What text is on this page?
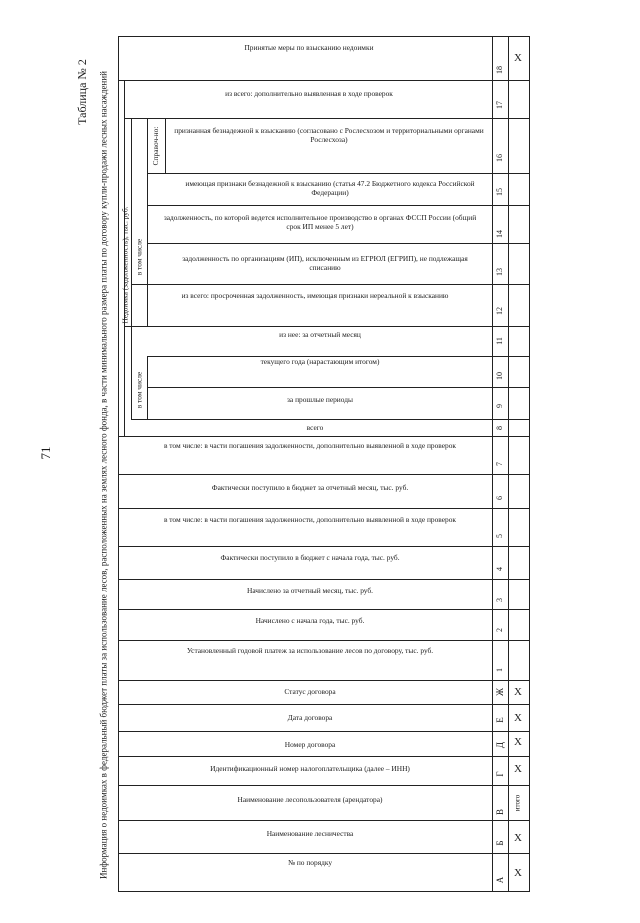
71
Таблица № 2 Информация о недоимках в федеральный бюджет платы за использование лесов, расположенных на землях лесного фонда, в части минимального размера платы по договору купли-продажи лесных насаждений Недоимка (задолженность), тыс. руб. в том числе
в том числе
Справоч-но:
Принятые меры по взысканию недоимки
из всего: дополнительно выявленная в ходе проверок
признанная безнадежной к взысканию (согласовано с Рослесхозом и территориальными органами Рослесхоза)
имеющая признаки безнадежной к взысканию (статья 47.2 Бюджетного кодекса Российской Федерации)
задолженность, по которой ведется исполнительное производство в органах ФССП России (общий срок ИП менее 5 лет)
задолженность по организациям (ИП), исключенным из ЕГРЮЛ (ЕГРИП), не подлежащая списанию
из всего: просроченная задолженность, имеющая признаки нереальной к взысканию
из нее: за отчетный месяц
текущего года (нарастающим итогом)
за прошлые периоды
всего
в том числе: в части погашения задолженности, дополнительно выявленной в ходе проверок
Фактически поступило в бюджет за отчетный месяц, тыс. руб.
в том числе: в части погашения задолженности, дополнительно выявленной в ходе проверок
Фактически поступило в бюджет с начала года, тыс. руб.
Начислено за отчетный месяц, тыс. руб.
Начислено с начала года, тыс. руб.
Установленный годовой платеж за использование лесов по договору, тыс. руб.
Статус договора
Дата договора
Номер договора
Идентификационный номер налогоплательщика (далее – ИНН)
Наименование лесопользователя (арендатора)
Наименование лесничества
№ по порядку
18
17
16
15
14
13
12
11
10
9
8
7
6
5
4
3
2
1
Ж
Е
Д
Г
В
Б
А
Х
Х
Х
Х
Х
итого
Х
Х
